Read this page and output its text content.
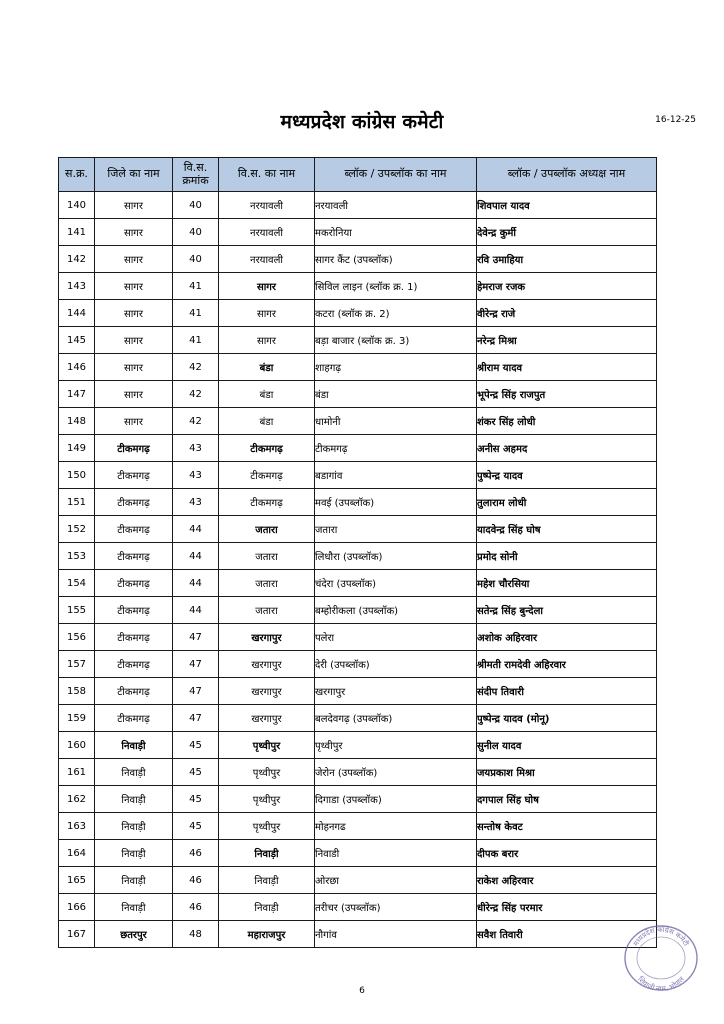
मध्यप्रदेश कांग्रेस कमेटी	16-12-25
स.क्र.	जिले का नाम	वि.स. क्रमांक	वि.स. का नाम	ब्लॉक / उपब्लॉक का नाम	ब्लॉक / उपब्लॉक अध्यक्ष नाम
140	सागर	40	नरयावली	नरयावली	शिवपाल यादव
141	सागर	40	नरयावली	मकरोनिया	देवेन्द्र कुर्मी
142	सागर	40	नरयावली	सागर कैंट (उपब्लॉक)	रवि उमाहिया
143	सागर	41	सागर	सिविल लाइन (ब्लॉक क्र. 1)	हेमराज रजक
144	सागर	41	सागर	कटरा (ब्लॉक क्र. 2)	वीरेन्द्र राजे
145	सागर	41	सागर	बड़ा बाजार (ब्लॉक क्र. 3)	नरेन्द्र मिश्रा
146	सागर	42	बंडा	शाहगढ़	श्रीराम यादव
147	सागर	42	बंडा	बंडा	भूपेन्द्र सिंह राजपुत
148	सागर	42	बंडा	धामोनी	शंकर सिंह लोधी
149	टीकमगढ़	43	टीकमगढ़	टीकमगढ़	अनीस अहमद
150	टीकमगढ़	43	टीकमगढ़	बडागांव	पुष्पेन्द्र यादव
151	टीकमगढ़	43	टीकमगढ़	मवई (उपब्लॉक)	तुलाराम लोधी
152	टीकमगढ़	44	जतारा	जतारा	यादवेन्द्र सिंह घोष
153	टीकमगढ़	44	जतारा	लिधौरा (उपब्लॉक)	प्रमोद सोनी
154	टीकमगढ़	44	जतारा	चंदेरा (उपब्लॉक)	महेश चौरसिया
155	टीकमगढ़	44	जतारा	बम्होरीकला (उपब्लॉक)	सतेन्द्र सिंह बुन्देला
156	टीकमगढ़	47	खरगापुर	पलेरा	अशोक अहिरवार
157	टीकमगढ़	47	खरगापुर	देरी (उपब्लॉक)	श्रीमती रामदेवी अहिरवार
158	टीकमगढ़	47	खरगापुर	खरगापुर	संदीप तिवारी
159	टीकमगढ़	47	खरगापुर	बलदेवगढ़ (उपब्लॉक)	पुष्पेन्द्र यादव (मोनू)
160	निवाड़ी	45	पृथ्वीपुर	पृथ्वीपुर	सुनील यादव
161	निवाड़ी	45	पृथ्वीपुर	जेरोन (उपब्लॉक)	जयप्रकाश मिश्रा
162	निवाड़ी	45	पृथ्वीपुर	दिगाडा (उपब्लॉक)	दगपाल सिंह घोष
163	निवाड़ी	45	पृथ्वीपुर	मोहनगढ	सन्तोष केवट
164	निवाड़ी	46	निवाड़ी	निवाडी	दीपक बरार
165	निवाड़ी	46	निवाड़ी	ओरछा	राकेश अहिरवार
166	निवाड़ी	46	निवाड़ी	तरीचर (उपब्लॉक)	धीरेन्द्र सिंह परमार
167	छतरपुर	48	महाराजपुर	नौगांव	सवैश तिवारी
मध्यप्रदेश कांग्रेस कमेटी
शिवाजी नगर, भोपाल
6
